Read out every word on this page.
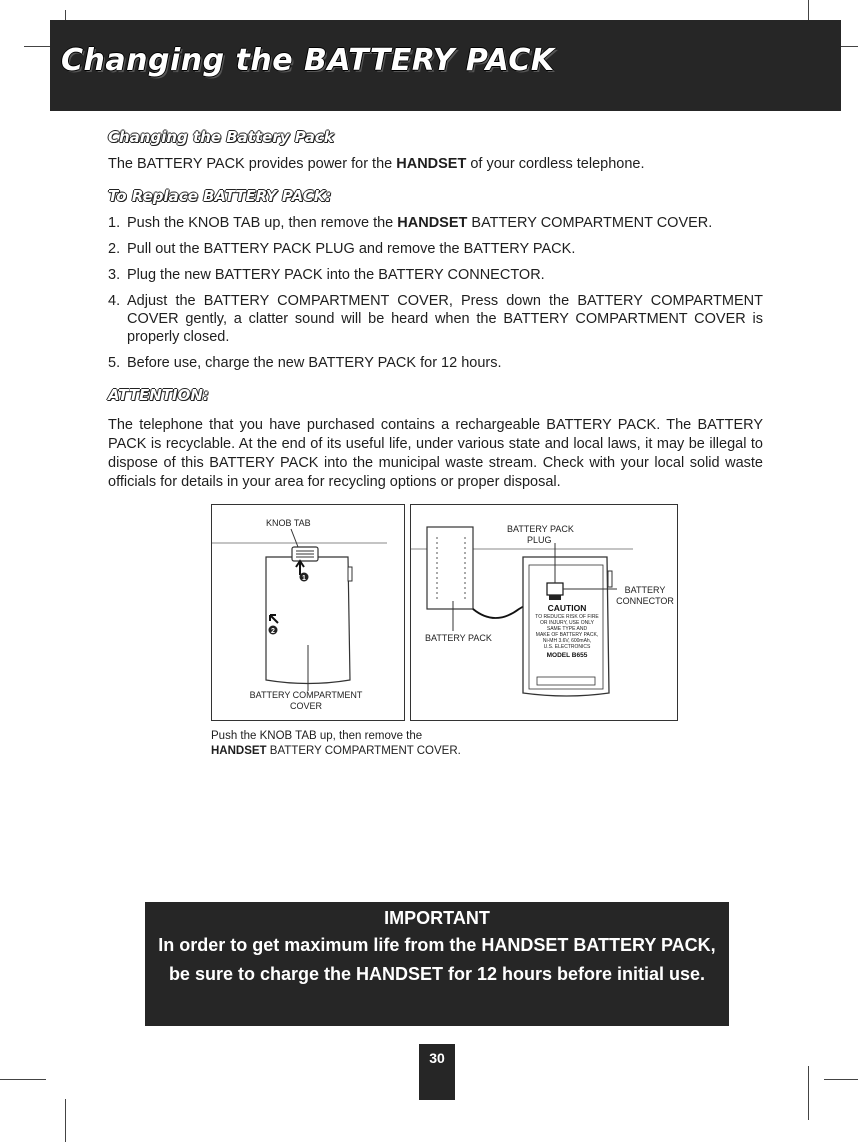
Changing the BATTERY PACK
Changing the Battery Pack

The BATTERY PACK provides power for the HANDSET of your cordless telephone.

To Replace BATTERY PACK:
1. Push the KNOB TAB up, then remove the HANDSET BATTERY COMPARTMENT COVER.
2. Pull out the BATTERY PACK PLUG and remove the BATTERY PACK.
3. Plug the new BATTERY PACK into the BATTERY CONNECTOR.
4. Adjust the BATTERY COMPARTMENT COVER, Press down the BATTERY COMPARTMENT COVER gently, a clatter sound will be heard when the BATTERY COMPARTMENT COVER is properly closed.
5. Before use, charge the new BATTERY PACK for 12 hours.
ATTENTION:

The telephone that you have purchased contains a rechargeable BATTERY PACK. The BATTERY PACK is recyclable. At the end of its useful life, under various state and local laws, it may be illegal to dispose of this BATTERY PACK into the municipal waste stream. Check with your local solid waste officials for details in your area for recycling options or proper disposal.

1
2
KNOB TAB
BATTERY COMPARTMENT
COVER
BATTERY PACK
PLUG
BATTERY
CONNECTOR
BATTERY PACK
CAUTION
TO REDUCE RISK OF FIRE
OR INJURY, USE ONLY
SAME TYPE AND
MAKE OF BATTERY PACK,
Ni-MH 3.6V, 600mAh,
U.S. ELECTRONICS
MODEL B655
Push the KNOB TAB up, then remove the HANDSET BATTERY COMPARTMENT COVER.
IMPORTANT
In order to get maximum life from the HANDSET BATTERY PACK, be sure to charge the HANDSET for 12 hours before initial use.
30
